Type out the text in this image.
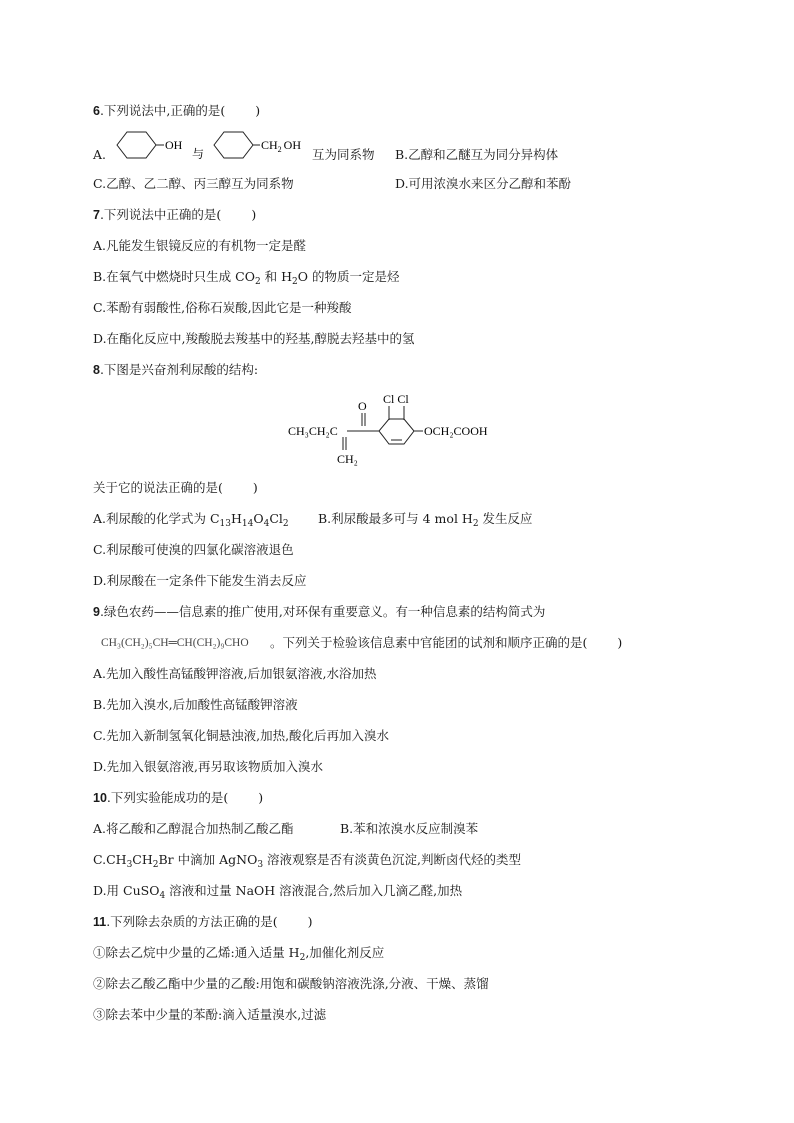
6.下列说法中,正确的是( )
A.
OH
与
$CH_2$ OH
互为同系物 B.乙醇和乙醚互为同分异构体
C.乙醇、乙二醇、丙三醇互为同系物	D.可用浓溴水来区分乙醇和苯酚
7.下列说法中正确的是( )
A.凡能发生银镜反应的有机物一定是醛
B.在氧气中燃烧时只生成 $CO_2$ 和 $H_2O$ 的物质一定是烃
C.苯酚有弱酸性,俗称石炭酸,因此它是一种羧酸
D.在酯化反应中,羧酸脱去羧基中的羟基,醇脱去羟基中的氢
8.下图是兴奋剂利尿酸的结构:
O Cl Cl
CH₃CH₂C
CH₂
OCH₂COOH
关于它的说法正确的是( )
A.利尿酸的化学式为 $C_{13}H_{14}O_4Cl_2$ B.利尿酸最多可与 4 mol $H_2$ 发生反应
C.利尿酸可使溴的四氯化碳溶液退色
D.利尿酸在一定条件下能发生消去反应
9.绿色农药——信息素的推广使用,对环保有重要意义。有一种信息素的结构简式为
CH₃(CH₂)₅CH═CH(CH₂)₉CHO 。下列关于检验该信息素中官能团的试剂和顺序正确的是( )
A.先加入酸性高锰酸钾溶液,后加银氨溶液,水浴加热
B.先加入溴水,后加酸性高锰酸钾溶液
C.先加入新制氢氧化铜悬浊液,加热,酸化后再加入溴水
D.先加入银氨溶液,再另取该物质加入溴水
10.下列实验能成功的是( )
A.将乙酸和乙醇混合加热制乙酸乙酯	B.苯和浓溴水反应制溴苯
$C.CH_3CH_2Br$ 中滴加 AgNO$_3$ 溶液观察是否有淡黄色沉淀,判断卤代烃的类型
D.用 CuSO$_4$ 溶液和过量 NaOH 溶液混合,然后加入几滴乙醛,加热
11.下列除去杂质的方法正确的是( )
①除去乙烷中少量的乙烯:通入适量 $H_2$,加催化剂反应
②除去乙酸乙酯中少量的乙酸:用饱和碳酸钠溶液洗涤,分液、干燥、蒸馏
③除去苯中少量的苯酚:滴入适量溴水,过滤
